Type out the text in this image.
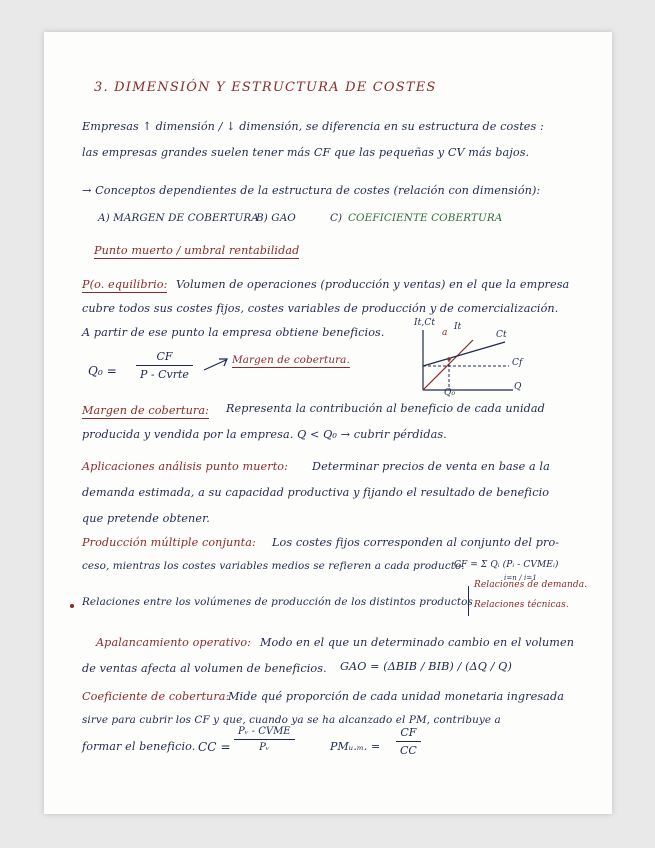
3. DIMENSIÓN Y ESTRUCTURA DE COSTES
Empresas ↑ dimensión / ↓ dimensión, se diferencia en su estructura de costes :
las empresas grandes suelen tener más CF que las pequeñas y CV más bajos.
→ Conceptos dependientes de la estructura de costes (relación con dimensión):
A) MARGEN DE COBERTURA
B) GAO	C) COEFICIENTE COBERTURA
Punto muerto / umbral rentabilidad
P(o. equilibrio: Volumen de operaciones (producción y ventas) en el que la empresa
cubre todos sus costes fijos, costes variables de producción y de comercialización.
A partir de ese punto la empresa obtiene beneficios.
Q₀ =
CF
P - Cvrte
Margen de cobertura.
It,Ct
a
It
Ct
Cf
Q₀
Q
Margen de cobertura: Representa la contribución al beneficio de cada unidad
producida y vendida por la empresa. Q < Q₀ → cubrir pérdidas.
Aplicaciones análisis punto muerto: Determinar precios de venta en base a la
demanda estimada, a su capacidad productiva y fijando el resultado de beneficio
que pretende obtener.
Producción múltiple conjunta: Los costes fijos corresponden al conjunto del pro-
ceso, mientras los costes variables medios se refieren a cada producto.
CF = Σ Qᵢ (Pᵢ - CVMEᵢ)
i=n / i=1
Relaciones entre los volúmenes de producción de los distintos productos
Relaciones de demanda.
Relaciones técnicas.
Apalancamiento operativo: Modo en el que un determinado cambio en el volumen
de ventas afecta al volumen de beneficios. GAO = (ΔBIB / BIB) / (ΔQ / Q)
Coeficiente de cobertura:
Mide qué proporción de cada unidad monetaria ingresada
sirve para cubrir los CF y que, cuando ya se ha alcanzado el PM, contribuye a
formar el beneficio. CC =
Pᵥ - CVME
Pᵥ	PMᵤ.ₘ. = $\frac{CF}{CC}$
